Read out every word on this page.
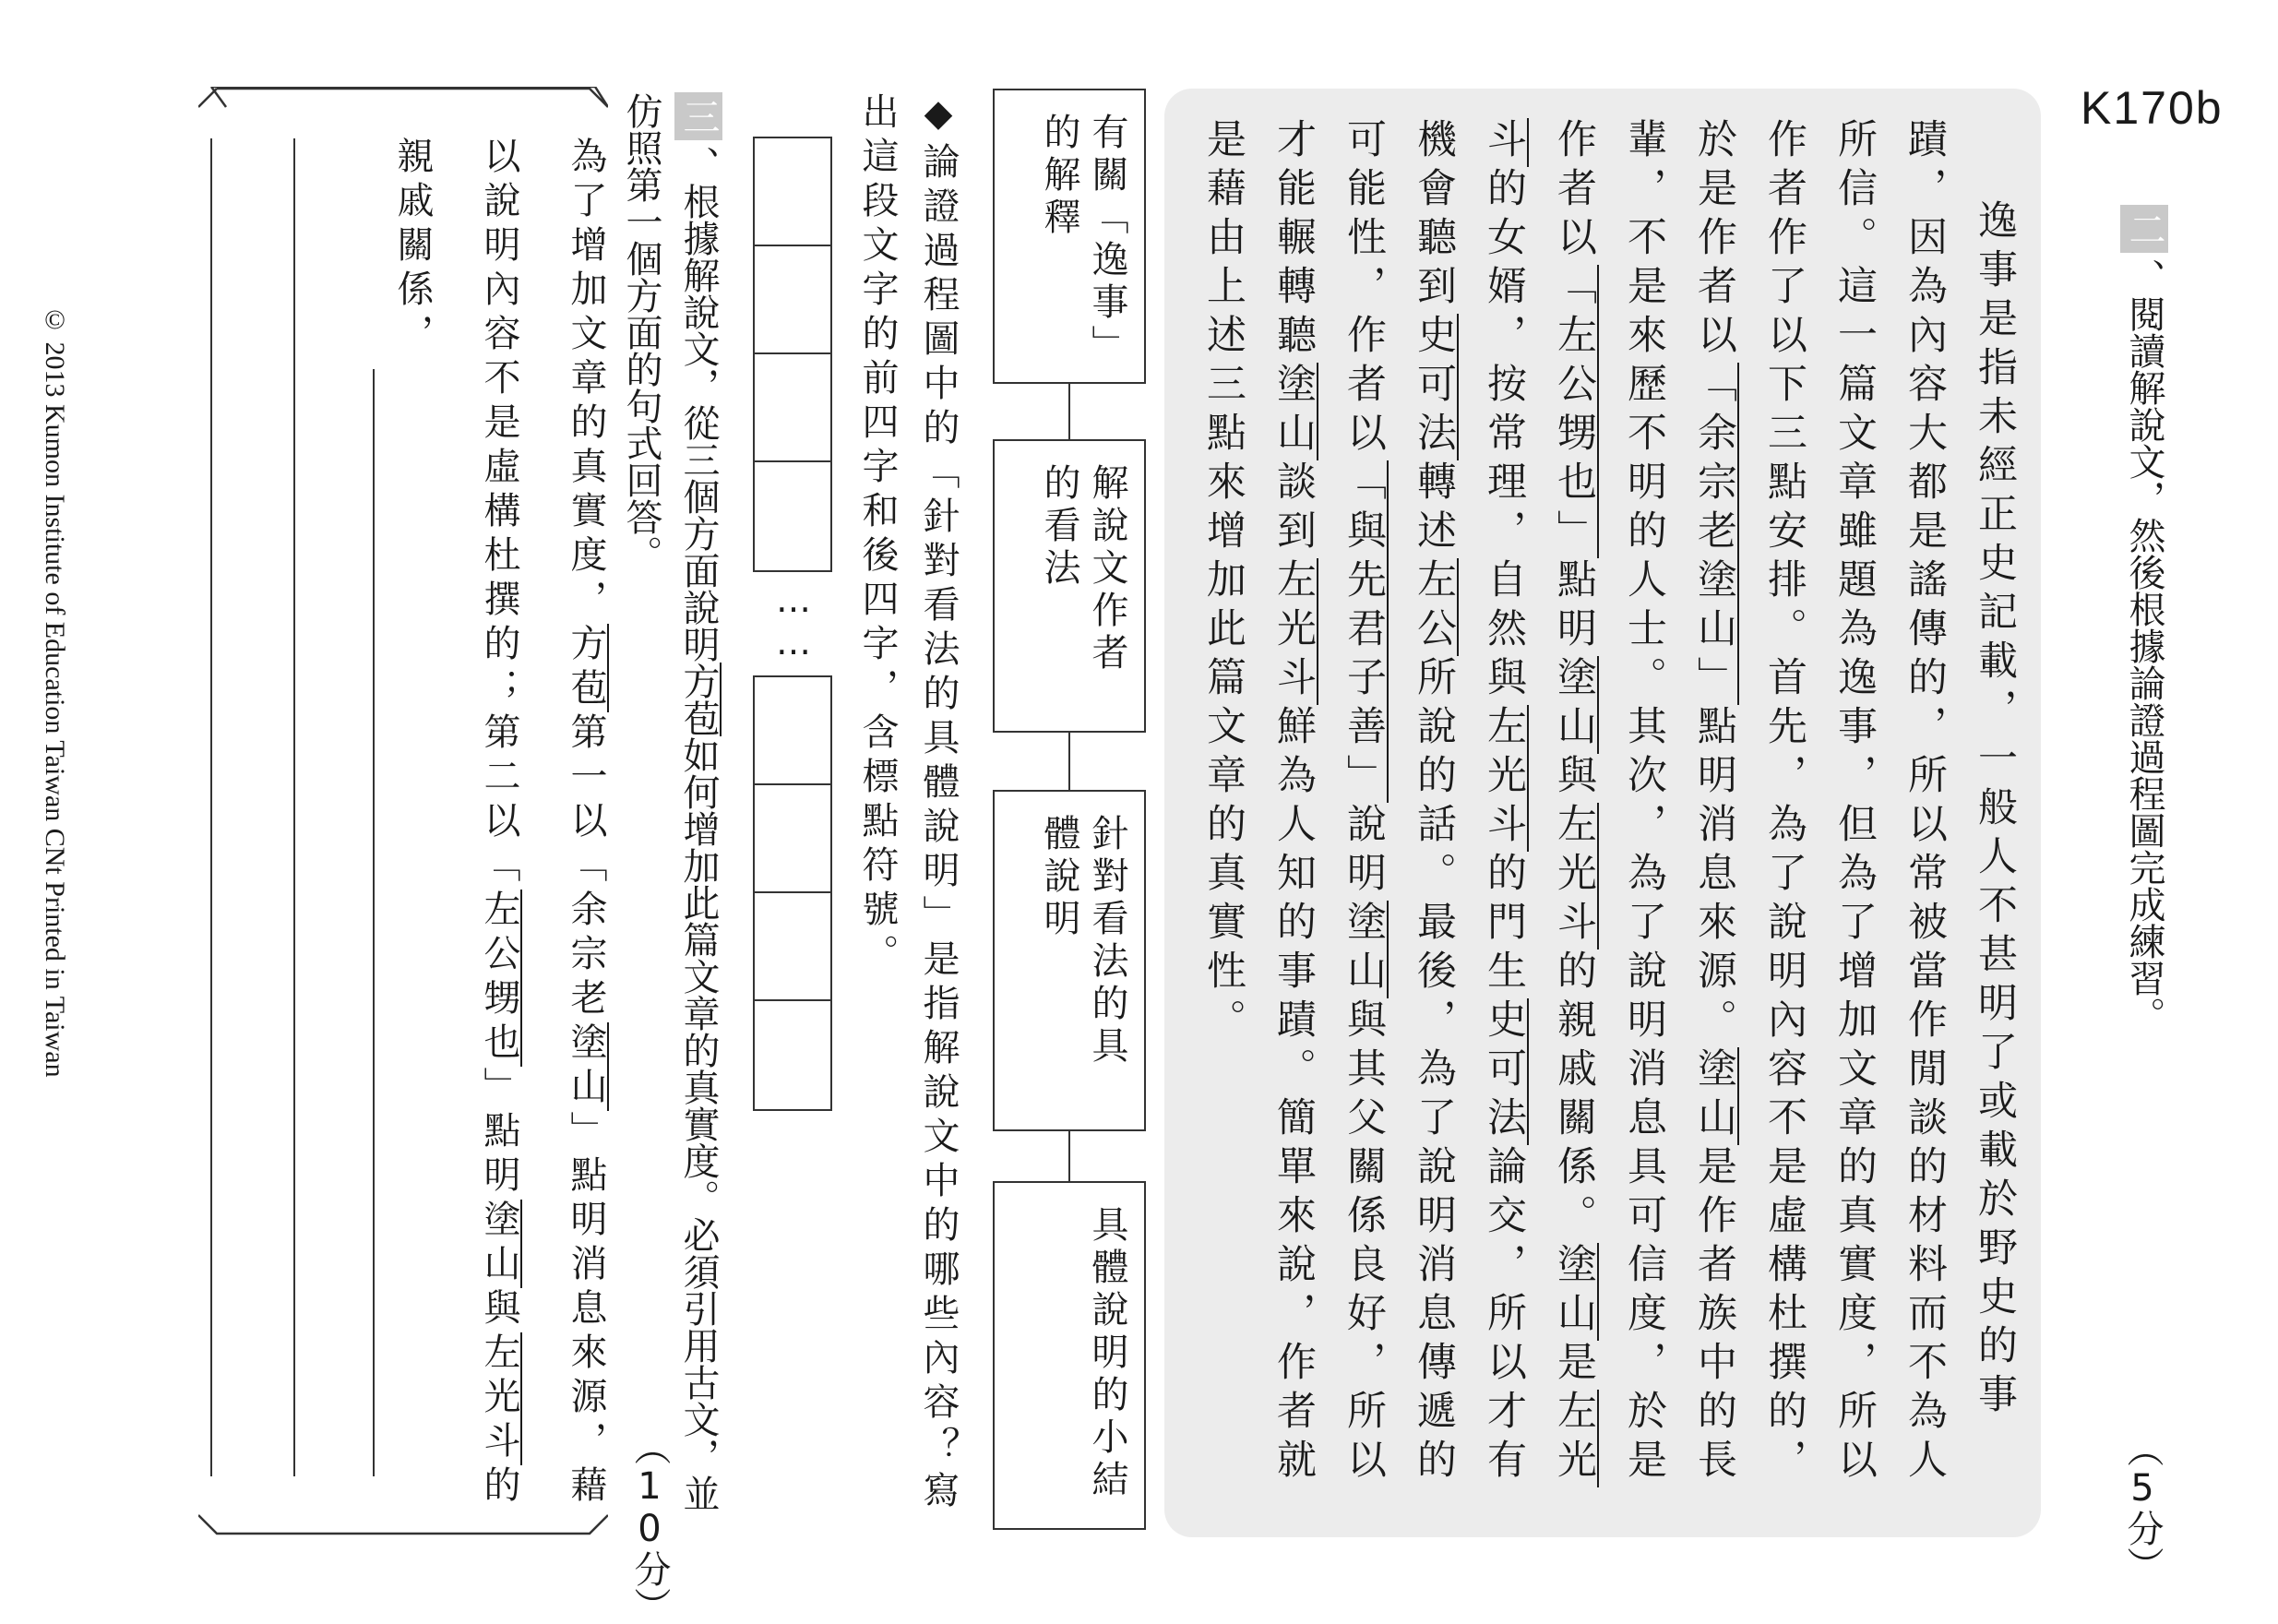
K170b
二、閱讀解說文，然後根據論證過程圖完成練習。
（5分）
逸事是指未經正史記載，一般人不甚明了或載於野史的事蹟，因為內容大都是謠傳的，所以常被當作閒談的材料而不為人所信。這一篇文章雖題為逸事，但為了增加文章的真實度，所以作者作了以下三點安排。首先，為了說明內容不是虛構杜撰的，於是作者以「余宗老塗山」點明消息來源。塗山是作者族中的長輩，不是來歷不明的人士。其次，為了說明消息具可信度，於是作者以「左公甥也」點明塗山與左光斗的親戚關係。塗山是左光斗的女婿，按常理，自然與左光斗的門生史可法論交，所以才有機會聽到史可法轉述左公所說的話。最後，為了說明消息傳遞的可能性，作者以「與先君子善」說明塗山與其父關係良好，所以才能輾轉聽塗山談到左光斗鮮為人知的事蹟。簡單來說，作者就是藉由上述三點來增加此篇文章的真實性。
有關「逸事」的解釋
解說文作者的看法
針對看法的具體說明
具體說明的小結
◆論證過程圖中的「針對看法的具體說明」是指解說文中的哪些內容？寫出這段文字的前四字和後四字，含標點符號。
……
三、根據解說文，從三個方面說明方苞如何增加此篇文章的真實度。必須引用古文，並仿照第一個方面的句式回答。
（10分）
為了增加文章的真實度，方苞第一以「余宗老塗山」點明消息來源，藉以說明內容不是虛構杜撰的；第二以「左公甥也」點明塗山與左光斗的親戚關係，
© 2013 Kumon Institute of Education Taiwan CNt Printed in Taiwan
